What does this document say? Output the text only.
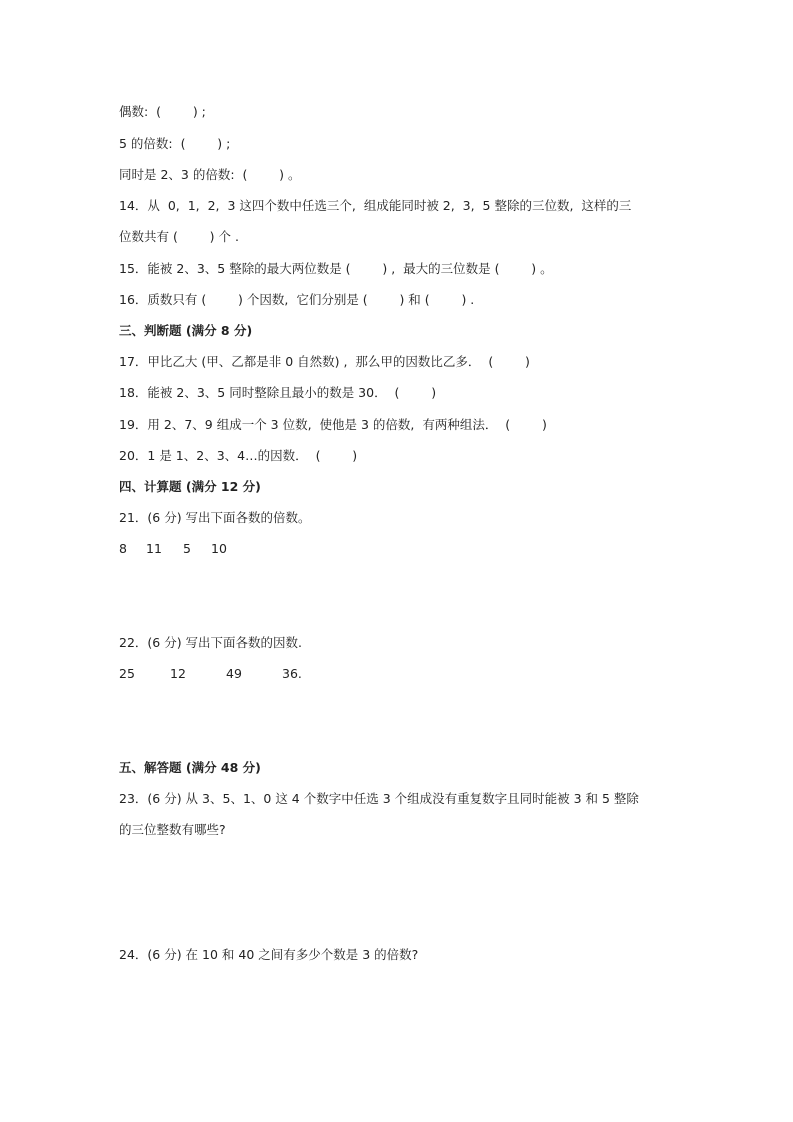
偶数:  (        ) ;
5 的倍数:  (        ) ;
同时是 2、3 的倍数:  (        ) 。
14．从  0,  1,  2,  3 这四个数中任选三个,  组成能同时被 2,  3,  5 整除的三位数,  这样的三
位数共有 (        ) 个 .
15．能被 2、3、5 整除的最大两位数是 (        ) ,  最大的三位数是 (        ) 。
16．质数只有 (        ) 个因数,  它们分别是 (        ) 和 (        ) .
三、判断题 (满分 8 分)
17．甲比乙大 (甲、乙都是非 0 自然数) ,  那么甲的因数比乙多．  (        )
18．能被 2、3、5 同时整除且最小的数是 30．  (        )
19．用 2、7、9 组成一个 3 位数,  使他是 3 的倍数,  有两种组法．  (        )
20．1 是 1、2、3、4…的因数．  (        )
四、计算题 (满分 12 分)
21．(6 分) 写出下面各数的倍数。
8 11 5 10
22．(6 分) 写出下面各数的因数.
25	12	49	36.
五、解答题 (满分 48 分)
23．(6 分) 从 3、5、1、0 这 4 个数字中任选 3 个组成没有重复数字且同时能被 3 和 5 整除
的三位整数有哪些?
24．(6 分) 在 10 和 40 之间有多少个数是 3 的倍数?
